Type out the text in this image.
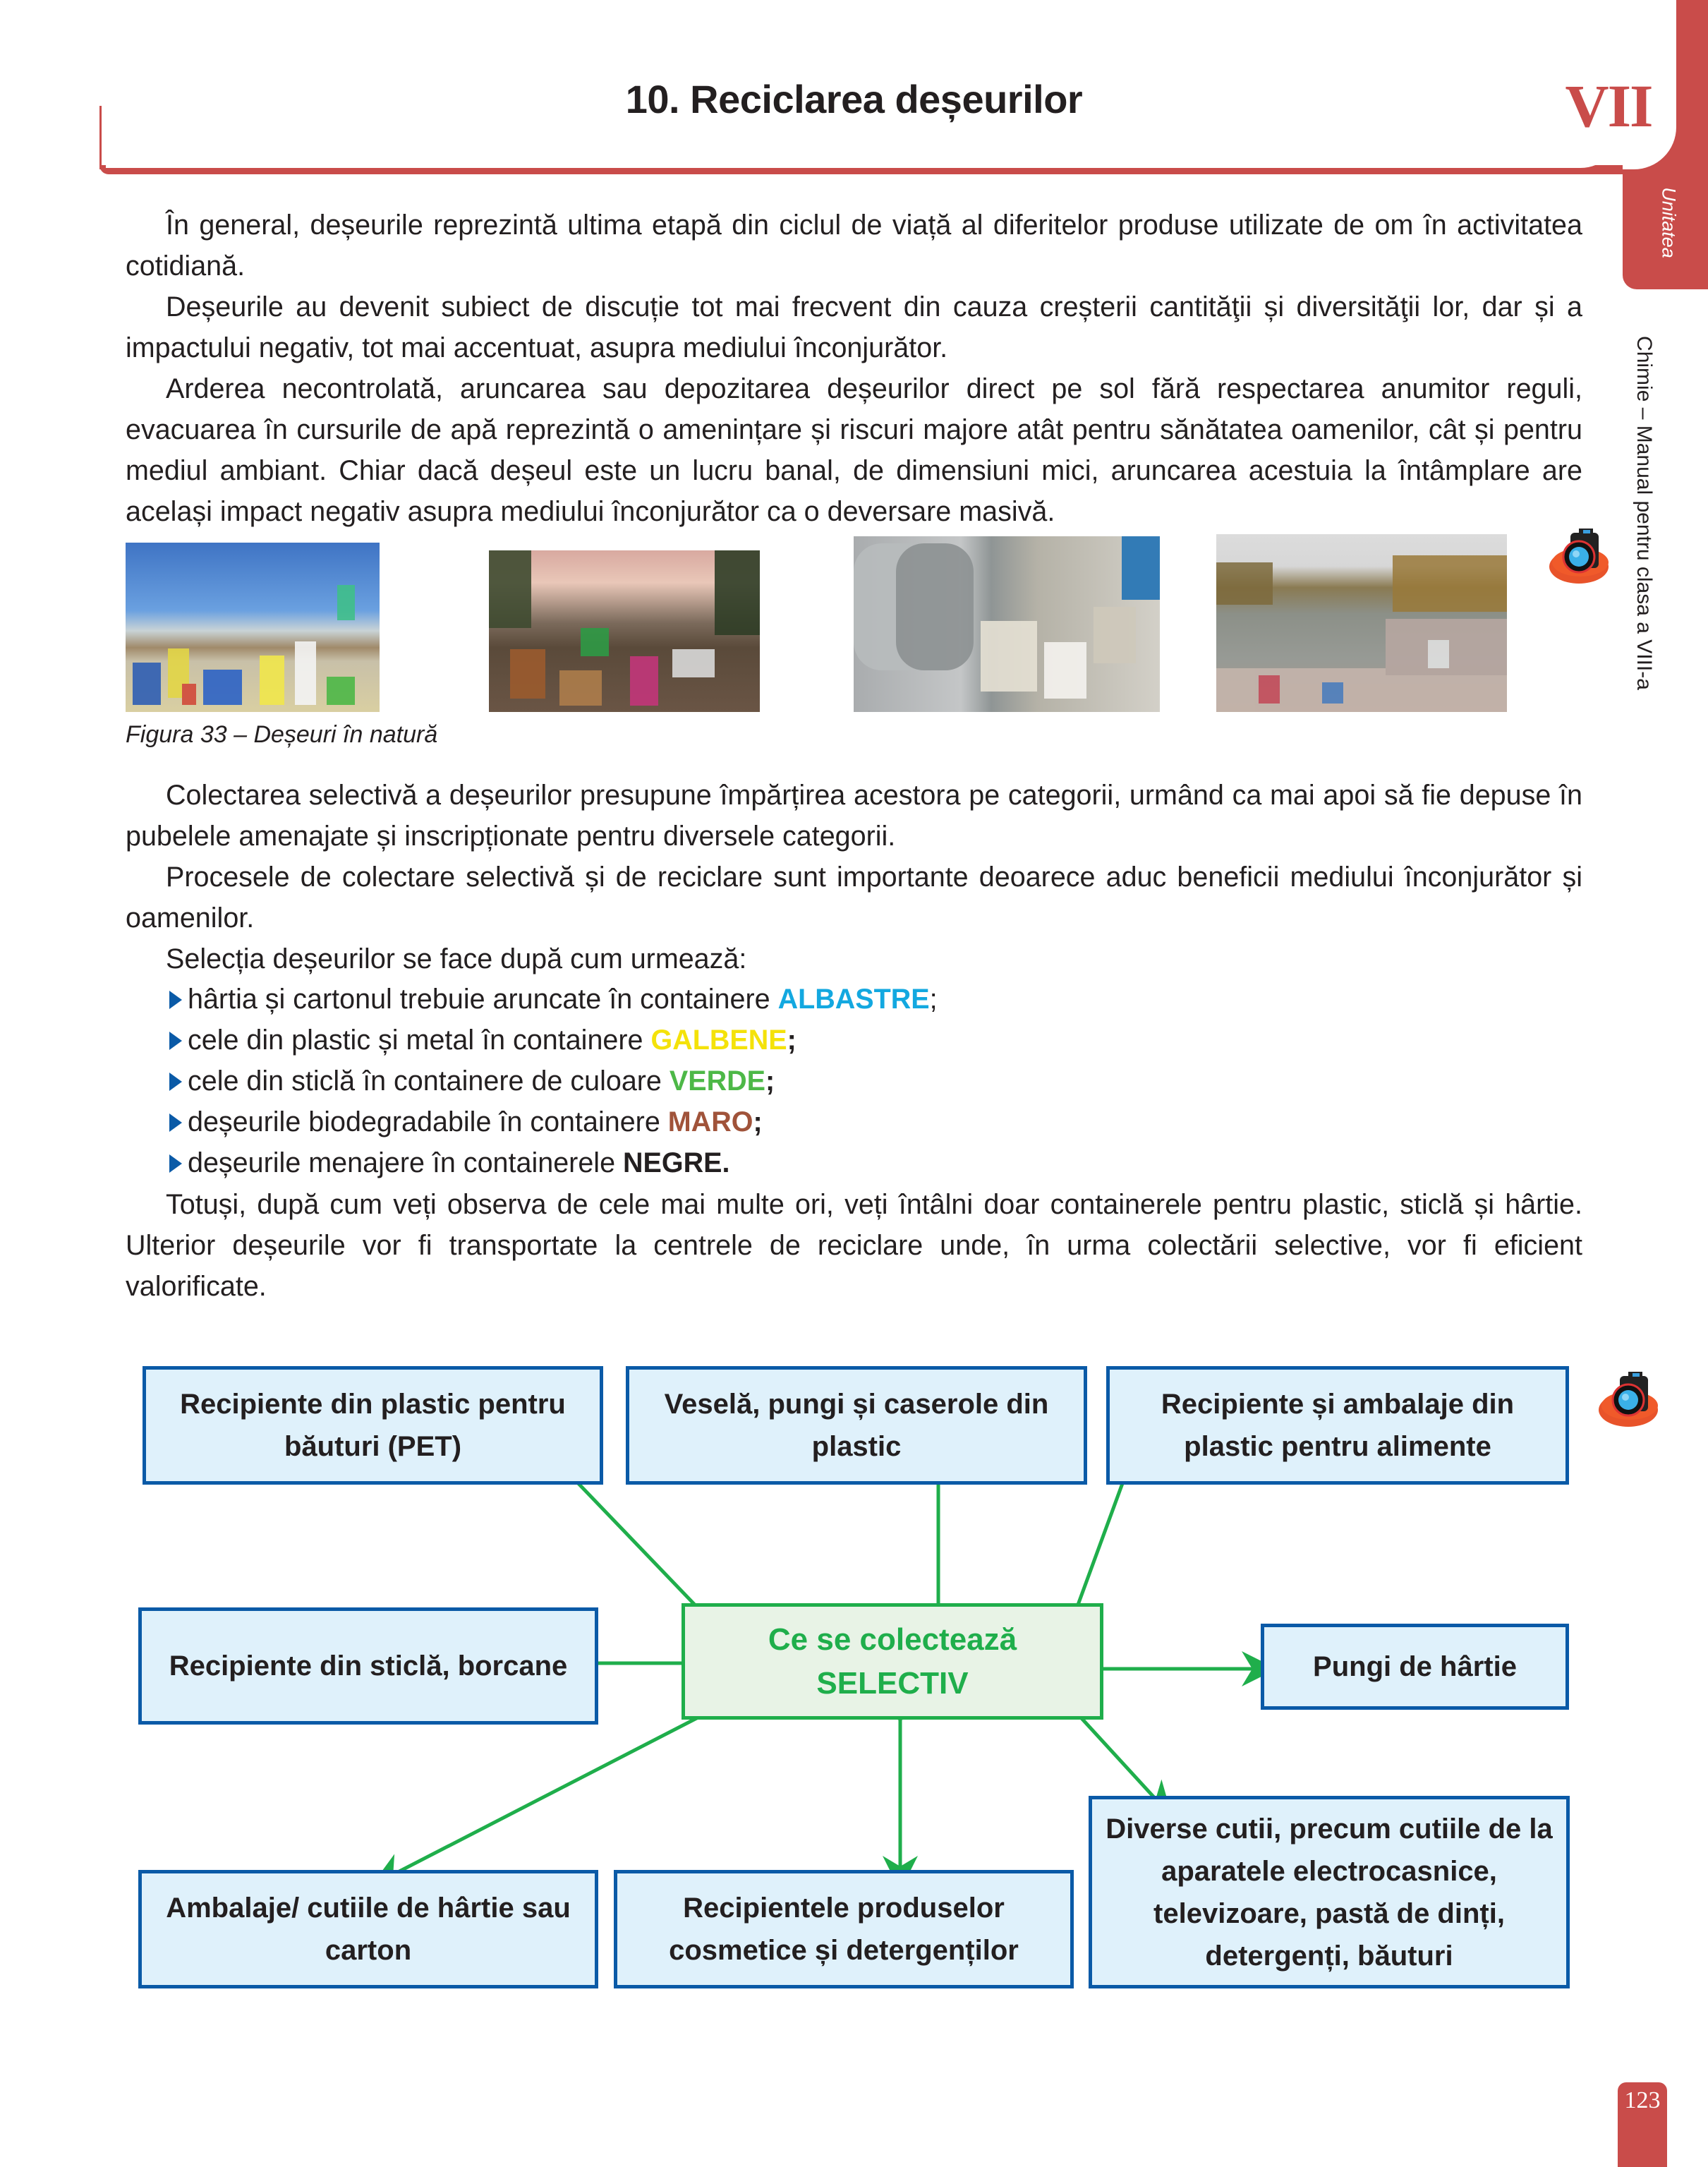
10. Reciclarea deșeurilor	VII
Unitatea
Chimie – Manual pentru clasa a VIII-a

În general, deșeurile reprezintă ultima etapă din ciclul de viață al diferitelor produse utilizate de om în activitatea cotidiană.

Deșeurile au devenit subiect de discuție tot mai frecvent din cauza creșterii cantităţii și diversităţii lor, dar și a impactului negativ, tot mai accentuat, asupra mediului înconjurător.

Arderea necontrolată, aruncarea sau depozitarea deșeurilor direct pe sol fără respectarea anumitor reguli, evacuarea în cursurile de apă reprezintă o amenințare și riscuri majore atât pentru sănătatea oamenilor, cât și pentru mediul ambiant. Chiar dacă deșeul este un lucru banal, de dimensiuni mici, aruncarea acestuia la întâmplare are același impact negativ asupra mediului înconjurător ca o deversare masivă.

Figura 33 – Deșeuri în natură

Colectarea selectivă a deșeurilor presupune împărțirea acestora pe categorii, urmând ca mai apoi să fie depuse în pubelele amenajate și inscripționate pentru diversele categorii.

Procesele de colectare selectivă și de reciclare sunt importante deoarece aduc beneficii mediului înconjurător și oamenilor.

Selecția deșeurilor se face după cum urmează:

hârtia și cartonul trebuie aruncate în containere ALBASTRE;
cele din plastic și metal în containere GALBENE;
cele din sticlă în containere de culoare VERDE;
deșeurile biodegradabile în containere MARO;
deșeurile menajere în containerele NEGRE.

Totuși, după cum veți observa de cele mai multe ori, veți întâlni doar containerele pentru plastic, sticlă și hârtie. Ulterior deșeurile vor fi transportate la centrele de reciclare unde, în urma colectării selective, vor fi eficient valorificate.

Recipiente din plastic pentru băuturi (PET)
Veselă, pungi și caserole din plastic
Recipiente și ambalaje din plastic pentru alimente
Recipiente din sticlă, borcane
Ce se colectează
SELECTIV	Pungi de hârtie
Ambalaje/ cutiile de hârtie sau carton
Recipientele produselor cosmetice și detergenților
Diverse cutii, precum cutiile de la aparatele electrocasnice, televizoare, pastă de dinți, detergenți, băuturi
123
